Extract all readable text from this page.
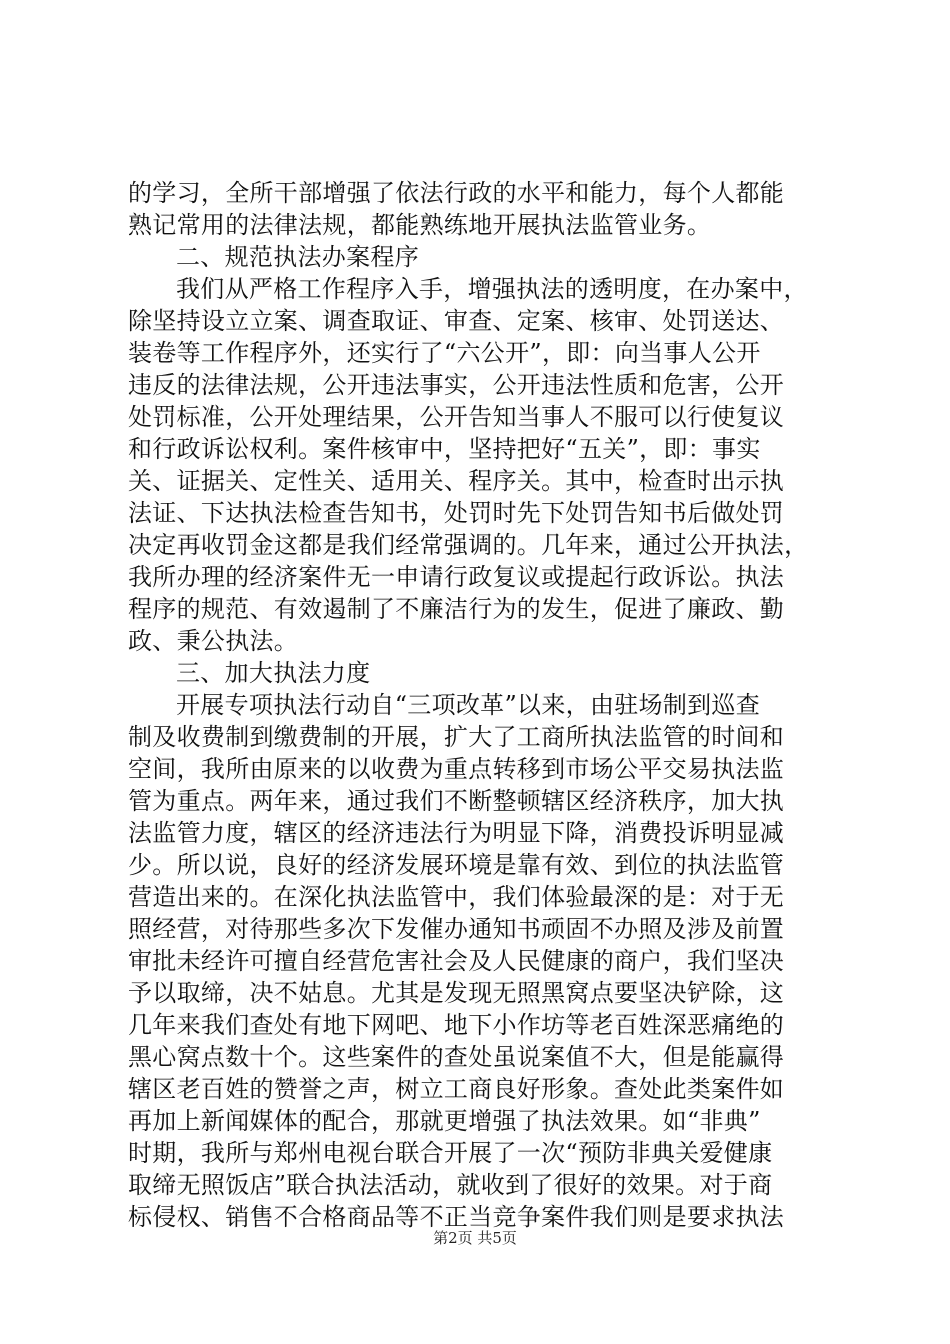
的学习，全所干部增强了依法行政的水平和能力，每个人都能
熟记常用的法律法规，都能熟练地开展执法监管业务。
二、规范执法办案程序
我们从严格工作程序入手，增强执法的透明度，在办案中，
除坚持设立立案、调查取证、审查、定案、核审、处罚送达、
装卷等工作程序外，还实行了“六公开”，即：向当事人公开
违反的法律法规，公开违法事实，公开违法性质和危害，公开
处罚标准，公开处理结果，公开告知当事人不服可以行使复议
和行政诉讼权利。案件核审中，坚持把好“五关”，即：事实
关、证据关、定性关、适用关、程序关。其中，检查时出示执
法证、下达执法检查告知书，处罚时先下处罚告知书后做处罚
决定再收罚金这都是我们经常强调的。几年来，通过公开执法，
我所办理的经济案件无一申请行政复议或提起行政诉讼。执法
程序的规范、有效遏制了不廉洁行为的发生，促进了廉政、勤
政、秉公执法。
三、加大执法力度
开展专项执法行动自“三项改革”以来，由驻场制到巡查
制及收费制到缴费制的开展，扩大了工商所执法监管的时间和
空间，我所由原来的以收费为重点转移到市场公平交易执法监
管为重点。两年来，通过我们不断整顿辖区经济秩序，加大执
法监管力度，辖区的经济违法行为明显下降，消费投诉明显减
少。所以说，良好的经济发展环境是靠有效、到位的执法监管
营造出来的。在深化执法监管中，我们体验最深的是：对于无
照经营，对待那些多次下发催办通知书顽固不办照及涉及前置
审批未经许可擅自经营危害社会及人民健康的商户，我们坚决
予以取缔，决不姑息。尤其是发现无照黑窝点要坚决铲除，这
几年来我们查处有地下网吧、地下小作坊等老百姓深恶痛绝的
黑心窝点数十个。这些案件的查处虽说案值不大，但是能赢得
辖区老百姓的赞誉之声，树立工商良好形象。查处此类案件如
再加上新闻媒体的配合，那就更增强了执法效果。如“非典”
时期，我所与郑州电视台联合开展了一次“预防非典关爱健康
取缔无照饭店”联合执法活动，就收到了很好的效果。对于商
标侵权、销售不合格商品等不正当竞争案件我们则是要求执法
第2页 共5页
